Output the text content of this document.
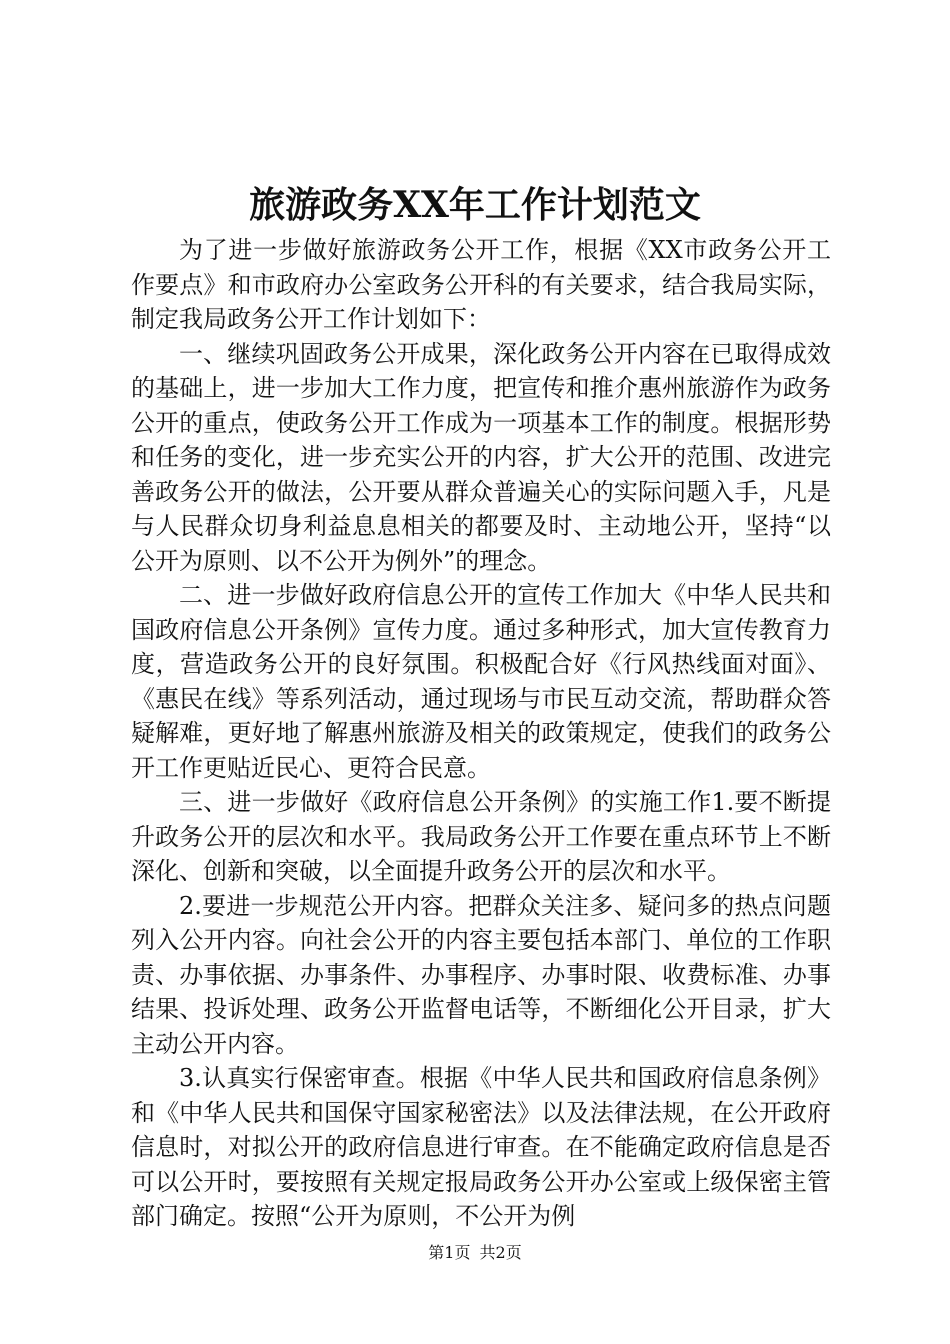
旅游政务XX年工作计划范文

为了进一步做好旅游政务公开工作，根据《XX市政务公开工作要点》和市政府办公室政务公开科的有关要求，结合我局实际，制定我局政务公开工作计划如下：

一、继续巩固政务公开成果，深化政务公开内容在已取得成效的基础上，进一步加大工作力度，把宣传和推介惠州旅游作为政务公开的重点，使政务公开工作成为一项基本工作的制度。根据形势和任务的变化，进一步充实公开的内容，扩大公开的范围、改进完善政务公开的做法，公开要从群众普遍关心的实际问题入手，凡是与人民群众切身利益息息相关的都要及时、主动地公开，坚持“以公开为原则、以不公开为例外”的理念。

二、进一步做好政府信息公开的宣传工作加大《中华人民共和国政府信息公开条例》宣传力度。通过多种形式，加大宣传教育力度，营造政务公开的良好氛围。积极配合好《行风热线面对面》、《惠民在线》等系列活动，通过现场与市民互动交流，帮助群众答疑解难，更好地了解惠州旅游及相关的政策规定，使我们的政务公开工作更贴近民心、更符合民意。

三、进一步做好《政府信息公开条例》的实施工作1.要不断提升政务公开的层次和水平。我局政务公开工作要在重点环节上不断深化、创新和突破，以全面提升政务公开的层次和水平。

2.要进一步规范公开内容。把群众关注多、疑问多的热点问题列入公开内容。向社会公开的内容主要包括本部门、单位的工作职责、办事依据、办事条件、办事程序、办事时限、收费标准、办事结果、投诉处理、政务公开监督电话等，不断细化公开目录，扩大主动公开内容。

3.认真实行保密审查。根据《中华人民共和国政府信息条例》和《中华人民共和国保守国家秘密法》以及法律法规，在公开政府信息时，对拟公开的政府信息进行审查。在不能确定政府信息是否可以公开时，要按照有关规定报局政务公开办公室或上级保密主管部门确定。按照“公开为原则，不公开为例

第1页 共2页
